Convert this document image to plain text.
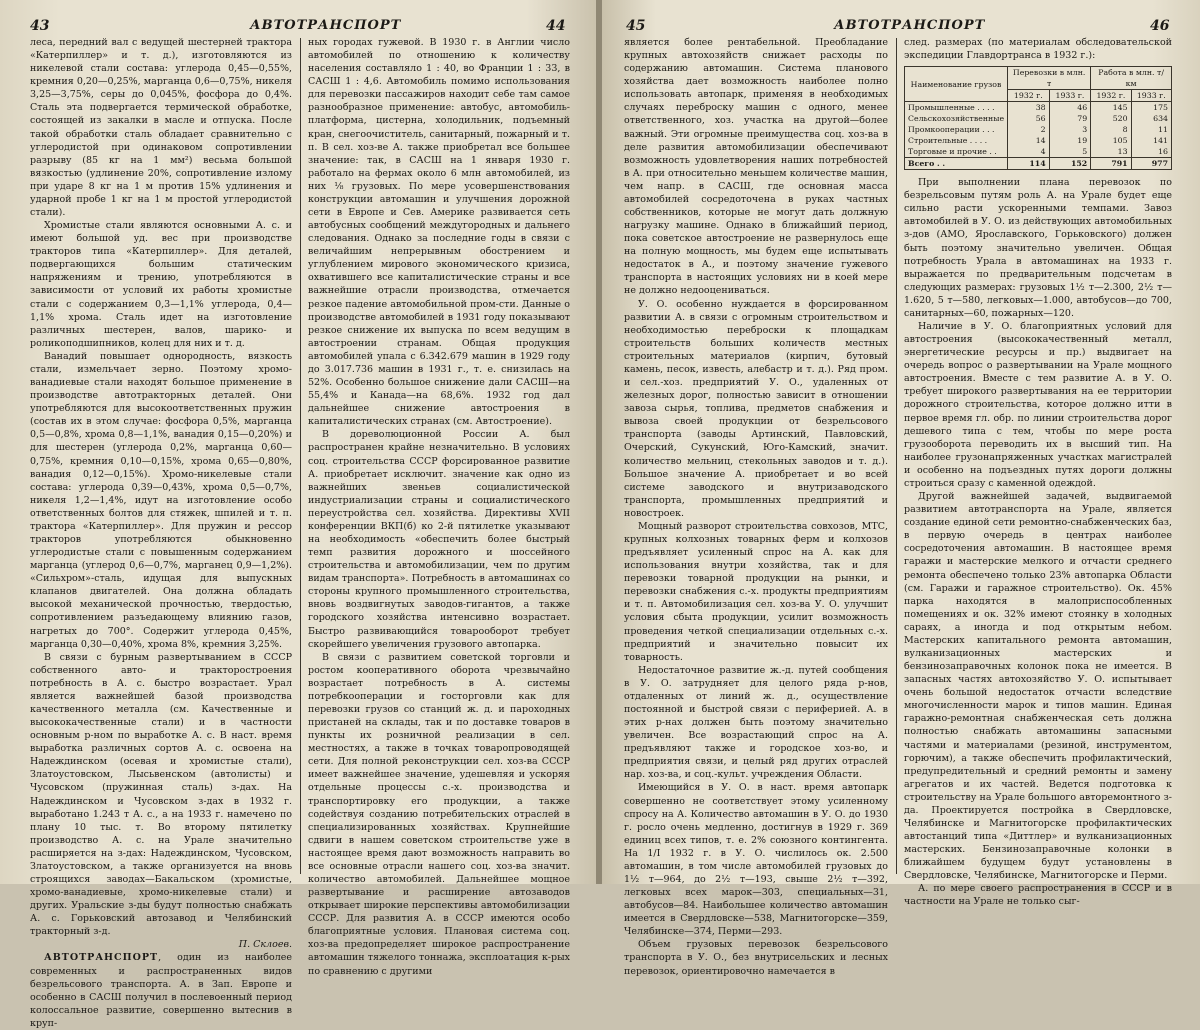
43	44
АВТОТРАНСПОРТ

леса, передний вал с ведущей шестерней трактора «Катерпиллер» и т. д.), изготовляются из никелевой стали состава: углерода 0,45—0,55%, кремния 0,20—0,25%, марганца 0,6—0,75%, никеля 3,25—3,75%, серы до 0,045%, фосфора до 0,4%. Сталь эта подвергается термической обработке, состоящей из закалки в масле и отпуска. После такой обработки сталь обладает сравнительно с углеродистой при одинаковом сопротивлении разрыву (85 кг на 1 мм²) весьма большой вязкостью (удлинение 20%, сопротивление излому при ударе 8 кг на 1 м против 15% удлинения и ударной пробе 1 кг на 1 м простой углеродистой стали).

Хромистые стали являются основными А. с. и имеют большой уд. вес при производстве тракторов типа «Катерпиллер». Для деталей, подвергающихся большим статическим напряжениям и трению, употребляются в зависимости от условий их работы хромистые стали с содержанием 0,3—1,1% углерода, 0,4—1,1% хрома. Сталь идет на изготовление различных шестерен, валов, шарико- и роликоподшипников, колец для них и т. д.

Ванадий повышает однородность, вязкость стали, измельчает зерно. Поэтому хромо-ванадиевые стали находят большое применение в производстве автотракторных деталей. Они употребляются для высокоответственных пружин (состав их в этом случае: фосфора 0,5%, марганца 0,5—0,8%, хрома 0,8—1,1%, ванадия 0,15—0,20%) и для шестерен (углерода 0,2%, марганца 0,60—0,75%, кремния 0,10—0,15%, хрома 0,65—0,80%, ванадия 0,12—0,15%). Хромо-никелевые стали состава: углерода 0,39—0,43%, хрома 0,5—0,7%, никеля 1,2—1,4%, идут на изготовление особо ответственных болтов для стяжек, шпилей и т. п. трактора «Катерпиллер». Для пружин и рессор тракторов употребляются обыкновенно углеродистые стали с повышенным содержанием марганца (углерод 0,6—0,7%, марганец 0,9—1,2%). «Сильхром»-сталь, идущая для выпускных клапанов двигателей. Она должна обладать высокой механической прочностью, твердостью, сопротивлением разъедающему влиянию газов, нагретых до 700°. Содержит углерода 0,45%, марганца 0,30—0,40%, хрома 8%, кремния 3,25%.

В связи с бурным развертыванием в СССР собственного авто- и тракторостроения потребность в А. с. быстро возрастает. Урал является важнейшей базой производства качественного металла (см. Качественные и высококачественные стали) и в частности основным р-ном по выработке А. с. В наст. время выработка различных сортов А. с. освоена на Надеждинском (осевая и хромистые стали), Златоустовском, Лысьвенском (автолисты) и Чусовском (пружинная сталь) з-дах. На Надеждинском и Чусовском з-дах в 1932 г. выработано 1.243 т А. с., а на 1933 г. намечено по плану 10 тыс. т. Во второму пятилетку производство А. с. на Урале значительно расширяется на з-дах: Надеждинском, Чусовском, Златоустовском, а также организуется на вновь строящихся заводах—Бакальском (хромистые, хромо-ванадиевые, хромо-никелевые стали) и других. Уральские з-ды будут полностью снабжать А. с. Горьковский автозавод и Челябинский тракторный з-д.

П. Склоев.

АВТОТРАНСПОРТ, один из наиболее современных и распространенных видов безрельсового транспорта. А. в Зап. Европе и особенно в САСШ получил в послевоенный период колоссальное развитие, совершенно вытеснив в круп-

ных городах гужевой. В 1930 г. в Англии число автомобилей по отношению к количеству населения составляло 1 : 40, во Франции 1 : 33, в САСШ 1 : 4,6. Автомобиль помимо использования для перевозки пассажиров находит себе там самое разнообразное применение: автобус, автомобиль-платформа, цистерна, холодильник, подъемный кран, снегоочиститель, санитарный, пожарный и т. п. В сел. хоз-ве А. также приобретал все большее значение: так, в САСШ на 1 января 1930 г. работало на фермах около 6 млн автомобилей, из них ⅛ грузовых. По мере усовершенствования конструкции автомашин и улучшения дорожной сети в Европе и Сев. Америке развивается сеть автобусных сообщений междугородных и дальнего следования. Однако за последние годы в связи с величайшим непрерывным обострением и углублением мирового экономического кризиса, охватившего все капиталистические страны и все важнейшие отрасли производства, отмечается резкое падение автомобильной пром-сти. Данные о производстве автомобилей в 1931 году показывают резкое снижение их выпуска по всем ведущим в автостроении странам. Общая продукция автомобилей упала с 6.342.679 машин в 1929 году до 3.017.736 машин в 1931 г., т. е. снизилась на 52%. Особенно большое снижение дали САСШ—на 55,4% и Канада—на 68,6%. 1932 год дал дальнейшее снижение автостроения в капиталистических странах (см. Автостроение).

В дореволюционной России А. был распространен крайне незначительно. В условиях соц. строительства СССР форсированное развитие А. приобретает исключит. значение как одно из важнейших звеньев социалистической индустриализации страны и социалистического переустройства сел. хозяйства. Директивы XVII конференции ВКП(б) ко 2-й пятилетке указывают на необходимость «обеспечить более быстрый темп развития дорожного и шоссейного строительства и автомобилизации, чем по другим видам транспорта». Потребность в автомашинах со стороны крупного промышленного строительства, вновь воздвигнутых заводов-гигантов, а также городского хозяйства интенсивно возрастает. Быстро развивающийся товарооборот требует скорейшего увеличения грузового автопарка.

В связи с развитием советской торговли и ростом кооперативного оборота чрезвычайно возрастает потребность в А. системы потребкооперации и госторговли как для перевозки грузов со станций ж. д. и пароходных пристаней на склады, так и по доставке товаров в пункты их розничной реализации в сел. местностях, а также в точках товаропроводящей сети. Для полной реконструкции сел. хоз-ва СССР имеет важнейшее значение, удешевляя и ускоряя отдельные процессы с.-х. производства и транспортировку его продукции, а также содействуя созданию потребительских отраслей в специализированных хозяйствах. Крупнейшие сдвиги в нашем советском строительстве уже в настоящее время дают возможность направить во все основные отрасли нашего соц. хоз-ва значит. количество автомобилей. Дальнейшее мощное развертывание и расширение автозаводов открывает широкие перспективы автомобилизации СССР. Для развития А. в СССР имеются особо благоприятные условия. Плановая система соц. хоз-ва предопределяет широкое распространение автомашин тяжелого тоннажа, эксплоатация к-рых по сравнению с другими

45	46
АВТОТРАНСПОРТ

является более рентабельной. Преобладание крупных автохозяйств снижает расходы по содержанию автомашин. Система планового хозяйства дает возможность наиболее полно использовать автопарк, применяя в необходимых случаях переброску машин с одного, менее ответственного, хоз. участка на другой—более важный. Эти огромные преимущества соц. хоз-ва в деле развития автомобилизации обеспечивают возможность удовлетворения наших потребностей в А. при относительно меньшем количестве машин, чем напр. в САСШ, где основная масса автомобилей сосредоточена в руках частных собственников, которые не могут дать должную нагрузку машине. Однако в ближайший период, пока советское автостроение не развернулось еще на полную мощность, мы будем еще испытывать недостаток в А., и поэтому значение гужевого транспорта в настоящих условиях ни в коей мере не должно недооцениваться.

У. О. особенно нуждается в форсированном развитии А. в связи с огромным строительством и необходимостью переброски к площадкам строительств больших количеств местных строительных материалов (кирпич, бутовый камень, песок, известь, алебастр и т. д.). Ряд пром. и сел.-хоз. предприятий У. О., удаленных от железных дорог, полностью зависит в отношении завоза сырья, топлива, предметов снабжения и вывоза своей продукции от безрельсового транспорта (заводы Артинский, Павловский, Очерский, Сукунский, Юго-Камский, значит. количество мельниц, стекольных заводов и т. д.). Большое значение А. приобретает и во всей системе заводского и внутризаводского транспорта, промышленных предприятий и новостроек.

Мощный разворот строительства совхозов, МТС, крупных колхозных товарных ферм и колхозов предъявляет усиленный спрос на А. как для использования внутри хозяйства, так и для перевозки товарной продукции на рынки, и перевозки снабжения с.-х. продукты предприятиям и т. п. Автомобилизация сел. хоз-ва У. О. улучшит условия сбыта продукции, усилит возможность проведения четкой специализации отдельных с.-х. предприятий и значительно повысит их товарность.

Недостаточное развитие ж.-д. путей сообщения в У. О. затрудняет для целого ряда р-нов, отдаленных от линий ж. д., осуществление постоянной и быстрой связи с периферией. А. в этих р-нах должен быть поэтому значительно увеличен. Все возрастающий спрос на А. предъявляют также и городское хоз-во, и предприятия связи, и целый ряд других отраслей нар. хоз-ва, и соц.-культ. учреждения Области.

Имеющийся в У. О. в наст. время автопарк совершенно не соответствует этому усиленному спросу на А. Количество автомашин в У. О. до 1930 г. росло очень медленно, достигнув в 1929 г. 369 единиц всех типов, т. е. 2% союзного контингента. На 1/I 1932 г. в У. О. числилось ок. 2.500 автомашин, в том числе автомобилей грузовых до 1½ т—964, до 2½ т—193, свыше 2½ т—392, легковых всех марок—303, специальных—31, автобусов—84. Наибольшее количество автомашин имеется в Свердловске—538, Магнитогорске—359, Челябинске—374, Перми—293.

Объем грузовых перевозок безрельсового транспорта в У. О., без внутрисельских и лесных перевозок, ориентировочно намечается в

след. размерах (по материалам обследовательской экспедиции Главдортранса в 1932 г.):

Наименование грузов	Перевозки в млн. т		Работа в млн. т/км	
	1932 г.	1933 г.	1932 г.	1933 г.
Промышленные . . . .	38	46	145	175
Сельскохозяйственные	56	79	520	634
Промкооперации . . .	2	3	8	11
Строительные . . . .	14	19	105	141
Торговые и прочие . .	4	5	13	16
Всего . .	114	152	791	977

При выполнении плана перевозок по безрельсовым путям роль А. на Урале будет еще сильно расти ускоренными темпами. Завоз автомобилей в У. О. из действующих автомобильных з-дов (АМО, Ярославского, Горьковского) должен быть поэтому значительно увеличен. Общая потребность Урала в автомашинах на 1933 г. выражается по предварительным подсчетам в следующих размерах: грузовых 1½ т—2.300, 2½ т—1.620, 5 т—580, легковых—1.000, автобусов—до 700, санитарных—60, пожарных—120.

Наличие в У. О. благоприятных условий для автостроения (высококачественный металл, энергетические ресурсы и пр.) выдвигает на очередь вопрос о развертывании на Урале мощного автостроения. Вместе с тем развитие А. в У. О. требует широкого развертывания на ее территории дорожного строительства, которое должно итти в первое время гл. обр. по линии строительства дорог дешевого типа с тем, чтобы по мере роста грузооборота переводить их в высший тип. На наиболее грузонапряженных участках магистралей и особенно на подъездных путях дороги должны строиться сразу с каменной одеждой.

Другой важнейшей задачей, выдвигаемой развитием автотранспорта на Урале, является создание единой сети ремонтно-снабженческих баз, в первую очередь в центрах наиболее сосредоточения автомашин. В настоящее время гаражи и мастерские мелкого и отчасти среднего ремонта обеспечено только 23% автопарка Области (см. Гаражи и гаражное строительство). Ок. 45% парка находятся в малоприспособленных помещениях и ок. 32% имеют стоянку в холодных сараях, а иногда и под открытым небом. Мастерских капитального ремонта автомашин, вулканизационных мастерских и бензинозаправочных колонок пока не имеется. В запасных частях автохозяйство У. О. испытывает очень большой недостаток отчасти вследствие многочисленности марок и типов машин. Единая гаражно-ремонтная снабженческая сеть должна полностью снабжать автомашины запасными частями и материалами (резиной, инструментом, горючим), а также обеспечить профилактический, предупредительный и средний ремонты и замену агрегатов и их частей. Ведется подготовка к строительству на Урале большого авторемонтного з-да. Проектируется постройка в Свердловске, Челябинске и Магнитогорске профилактических автостанций типа «Диттлер» и вулканизационных мастерских. Бензинозаправочные колонки в ближайшем будущем будут установлены в Свердловске, Челябинске, Магнитогорске и Перми.

А. по мере своего распространения в СССР и в частности на Урале не только сыг-
